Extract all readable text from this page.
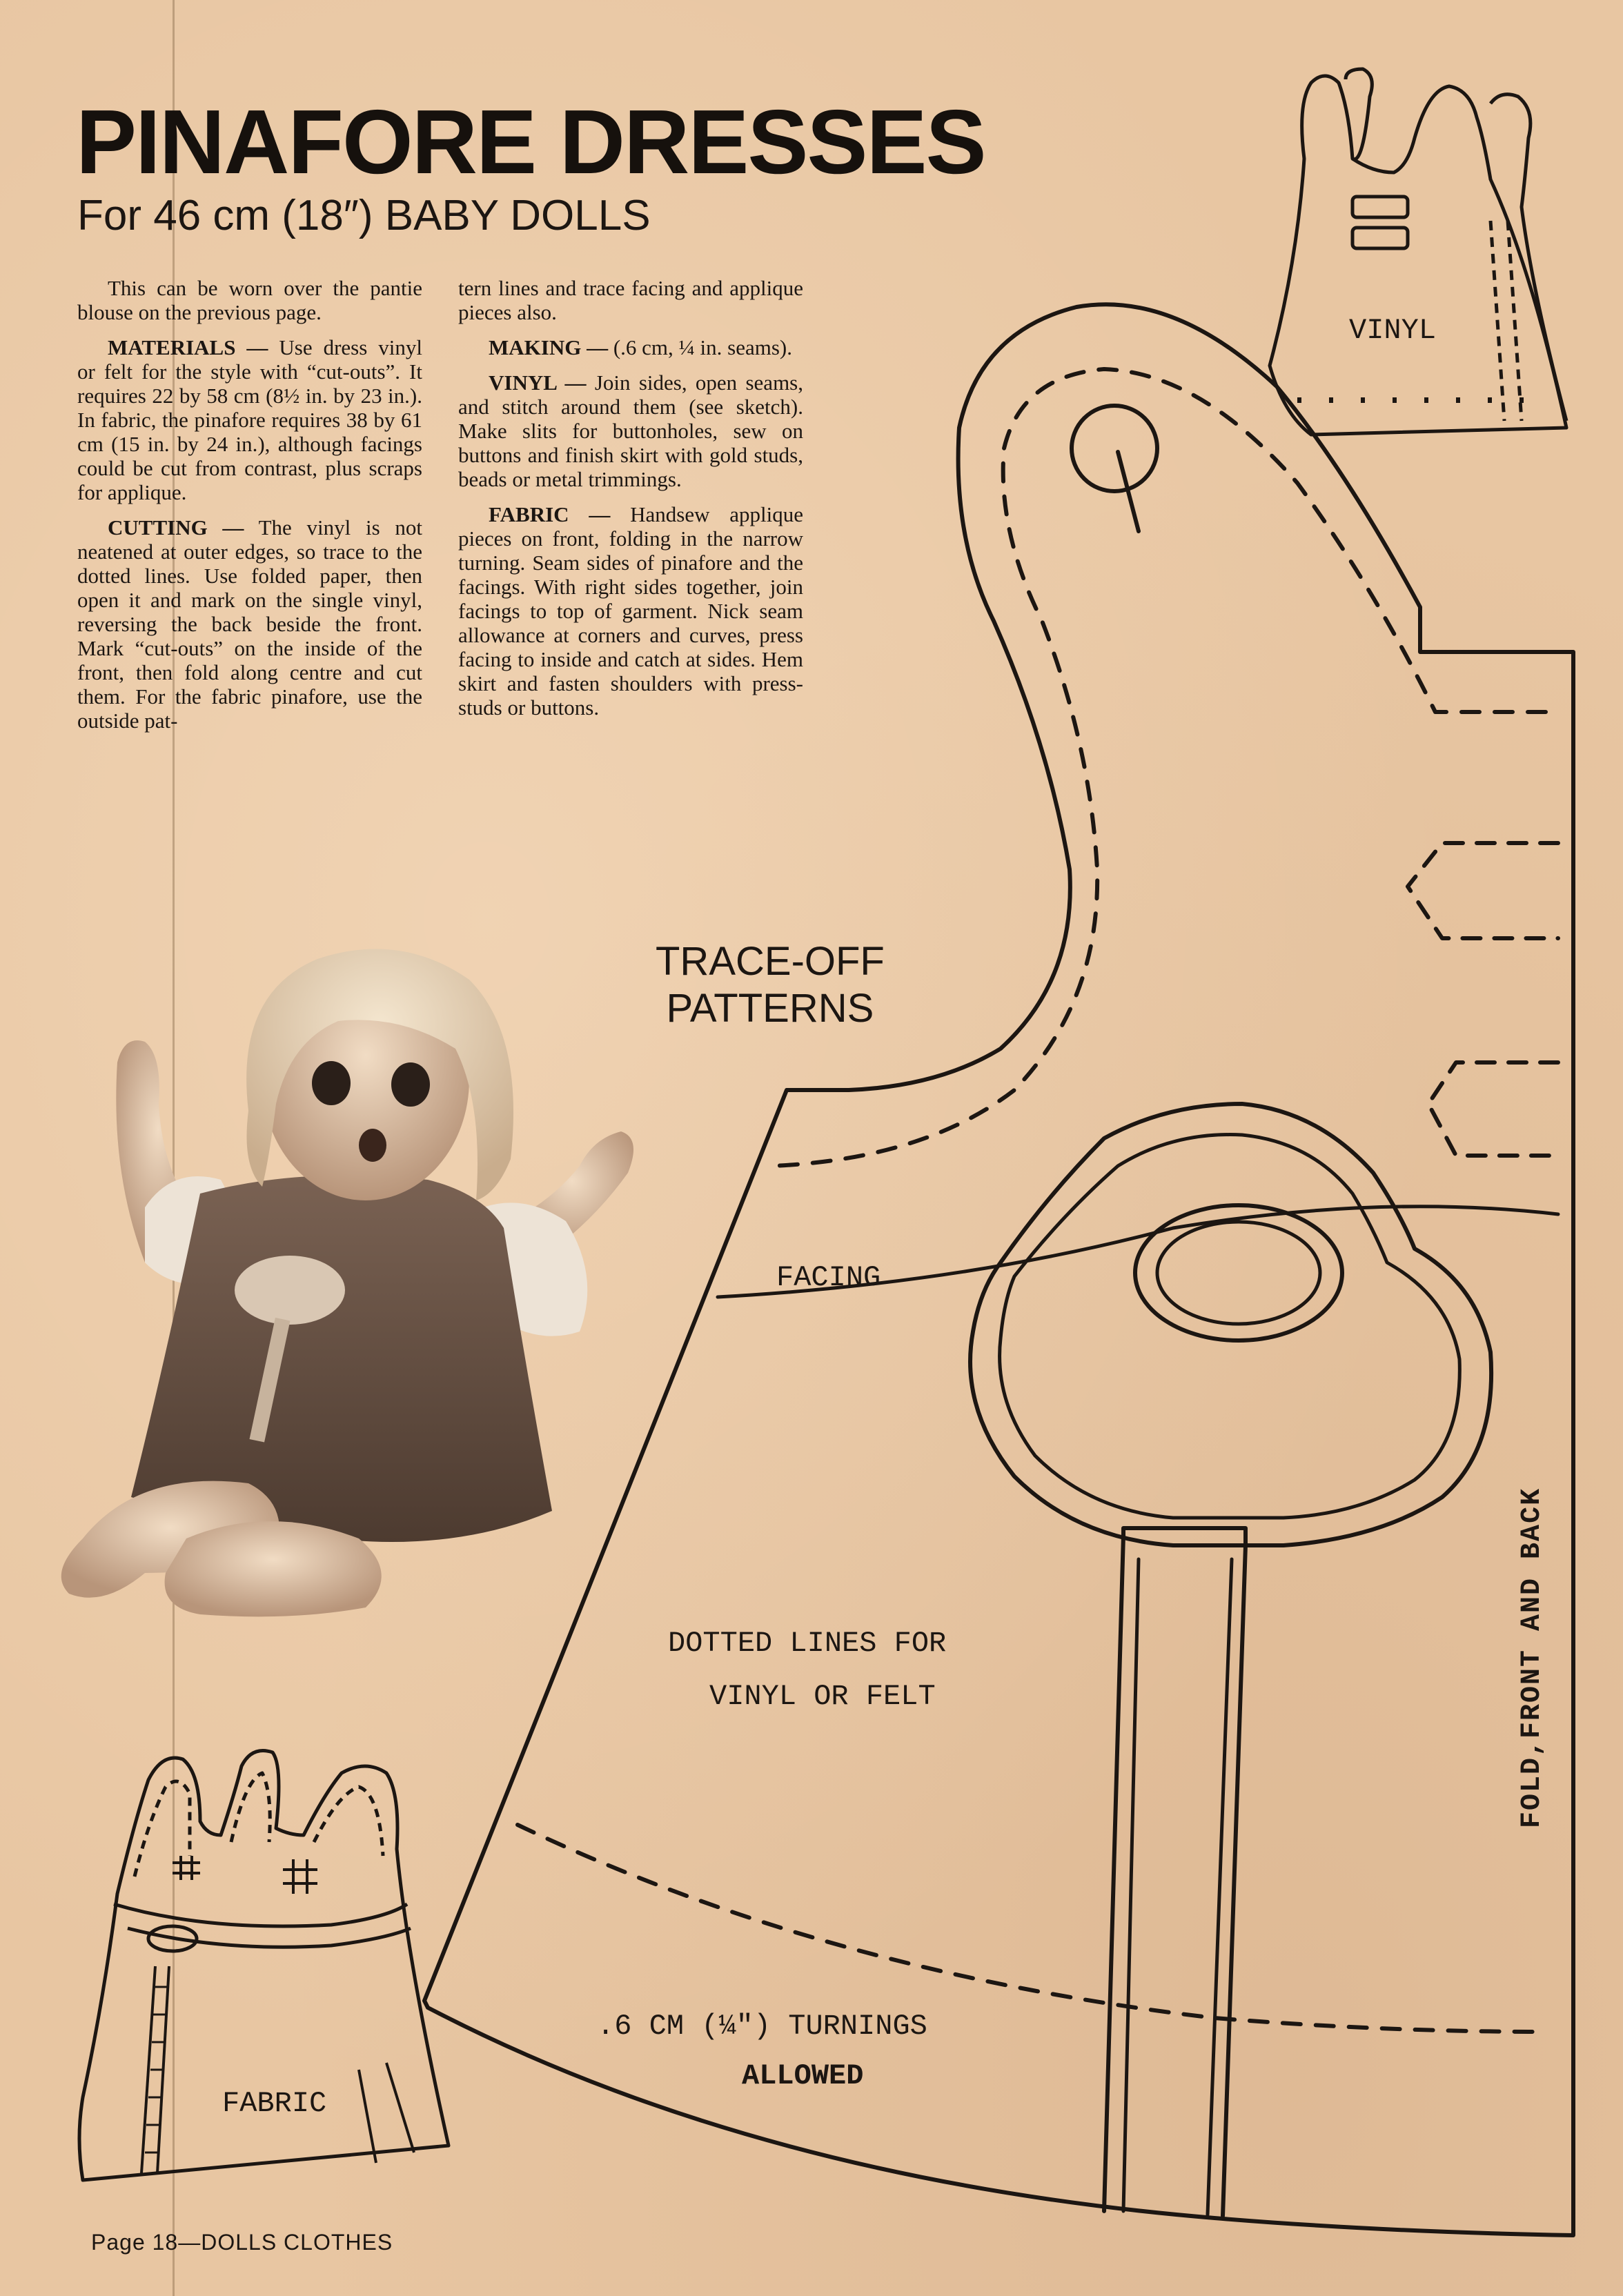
PINAFORE DRESSES
For 46 cm (18″) BABY DOLLS

This can be worn over the pantie blouse on the previous page.

MATERIALS — Use dress vinyl or felt for the style with “cut-outs”. It requires 22 by 58 cm (8½ in. by 23 in.). In fabric, the pinafore requires 38 by 61 cm (15 in. by 24 in.), although facings could be cut from contrast, plus scraps for applique.

CUTTING — The vinyl is not neatened at outer edges, so trace to the dotted lines. Use folded paper, then open it and mark on the single vinyl, reversing the back beside the front. Mark “cut-outs” on the inside of the front, then fold along centre and cut them. For the fabric pinafore, use the outside pat-

tern lines and trace facing and applique pieces also.

MAKING — (.6 cm, ¼ in. seams).

VINYL — Join sides, open seams, and stitch around them (see sketch). Make slits for buttonholes, sew on buttons and finish skirt with gold studs, beads or metal trimmings.

FABRIC — Handsew applique pieces on front, folding in the narrow turning. Seam sides of pinafore and the facings. With right sides together, join facings to top of garment. Nick seam allowance at corners and curves, press facing to inside and catch at sides. Hem skirt and fasten shoulders with press-studs or buttons.

TRACE-OFF
PATTERNS

FACING

DOTTED LINES FOR

VINYL OR FELT

.6 CM (¼") TURNINGS

ALLOWED

VINYL

FABRIC

FOLD,FRONT AND BACK

Page 18—DOLLS CLOTHES
